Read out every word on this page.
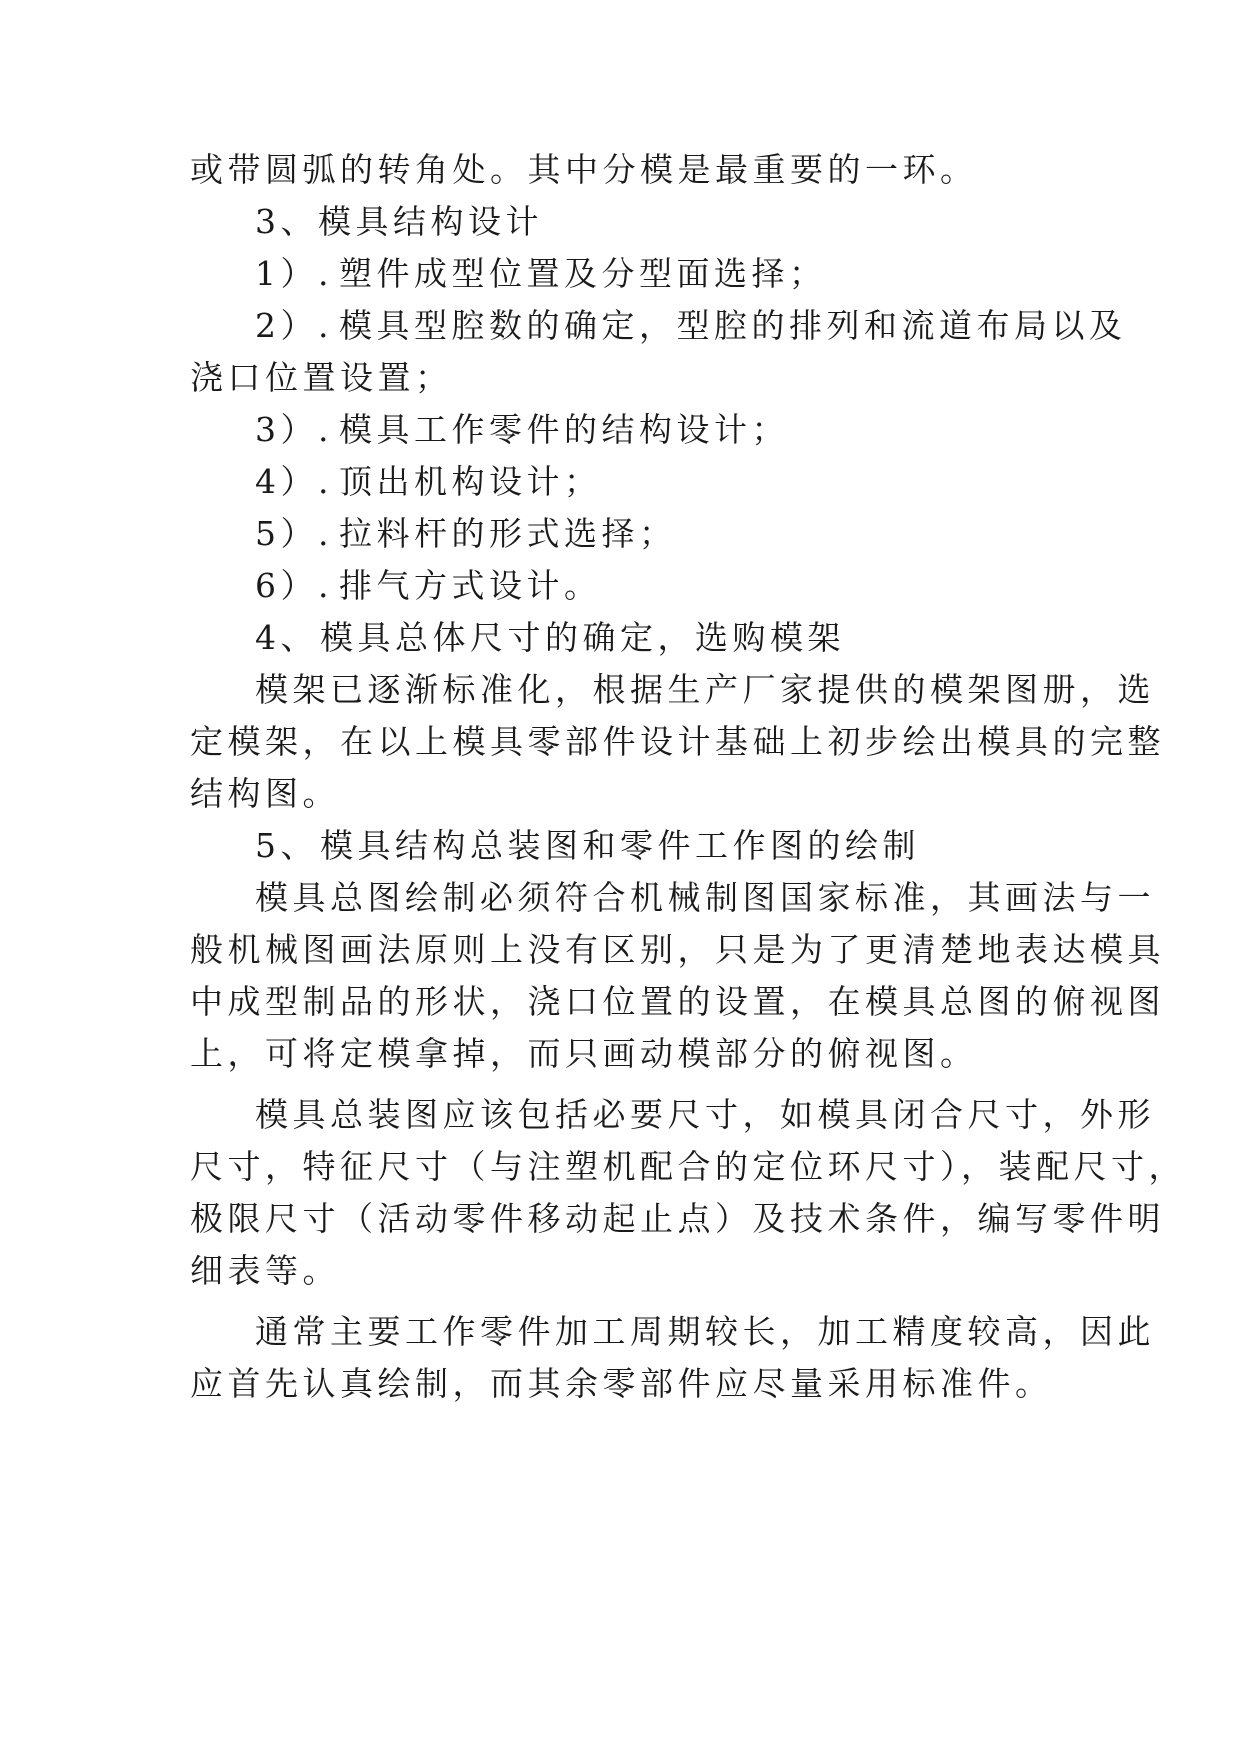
或带圆弧的转角处。其中分模是最重要的一环。
3、模具结构设计
1）. 塑件成型位置及分型面选择；
2）. 模具型腔数的确定，型腔的排列和流道布局以及
浇口位置设置；
3）. 模具工作零件的结构设计；
4）. 顶出机构设计；
5）. 拉料杆的形式选择；
6）. 排气方式设计。
4、模具总体尺寸的确定，选购模架
模架已逐渐标准化，根据生产厂家提供的模架图册，选
定模架，在以上模具零部件设计基础上初步绘出模具的完整
结构图。
5、模具结构总装图和零件工作图的绘制
模具总图绘制必须符合机械制图国家标准，其画法与一
般机械图画法原则上没有区别，只是为了更清楚地表达模具
中成型制品的形状，浇口位置的设置，在模具总图的俯视图
上，可将定模拿掉，而只画动模部分的俯视图。
模具总装图应该包括必要尺寸，如模具闭合尺寸，外形
尺寸，特征尺寸（与注塑机配合的定位环尺寸），装配尺寸，
极限尺寸（活动零件移动起止点）及技术条件，编写零件明
细表等。
通常主要工作零件加工周期较长，加工精度较高，因此
应首先认真绘制，而其余零部件应尽量采用标准件。
